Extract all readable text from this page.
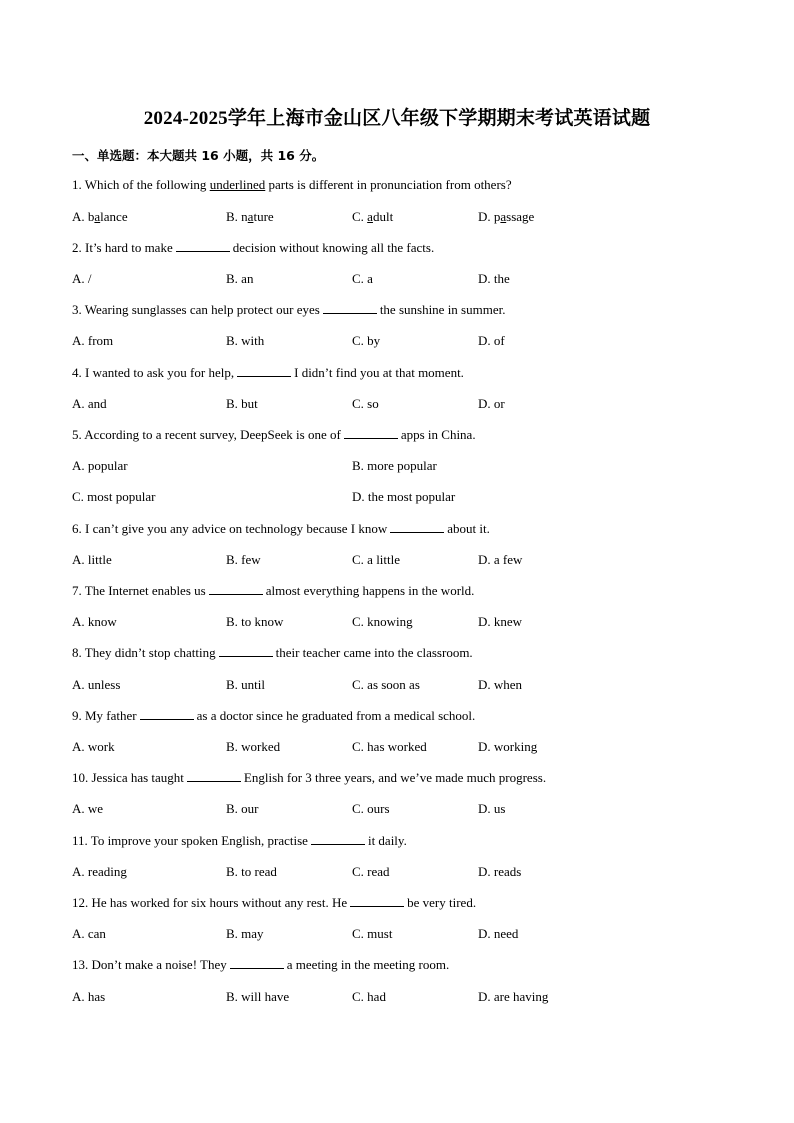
2024-2025学年上海市金山区八年级下学期期末考试英语试题
一、单选题：本大题共 16 小题，共 16 分。
1. Which of the following underlined parts is different in pronunciation from others?
A. balance	B. nature	C. adult	D. passage
2. It’s hard to make	decision without knowing all the facts.
A. /	B. an	C. a	D. the
3. Wearing sunglasses can help protect our eyes	the sunshine in summer.
A. from	B. with	C. by	D. of
4. I wanted to ask you for help,	I didn’t find you at that moment.
A. and	B. but	C. so	D. or
5. According to a recent survey, DeepSeek is one of	apps in China.
A. popular	B. more popular
C. most popular	D. the most popular
6. I can’t give you any advice on technology because I know	about it.
A. little	B. few	C. a little	D. a few
7. The Internet enables us	almost everything happens in the world.
A. know	B. to know	C. knowing	D. knew
8. They didn’t stop chatting	their teacher came into the classroom.
A. unless	B. until	C. as soon as	D. when
9. My father	as a doctor since he graduated from a medical school.
A. work	B. worked	C. has worked	D. working
10. Jessica has taught	English for 3 three years, and we’ve made much progress.
A. we	B. our	C. ours	D. us
11. To improve your spoken English, practise	it daily.
A. reading	B. to read	C. read	D. reads
12. He has worked for six hours without any rest. He	be very tired.
A. can	B. may	C. must	D. need
13. Don’t make a noise! They	a meeting in the meeting room.
A. has	B. will have	C. had	D. are having
